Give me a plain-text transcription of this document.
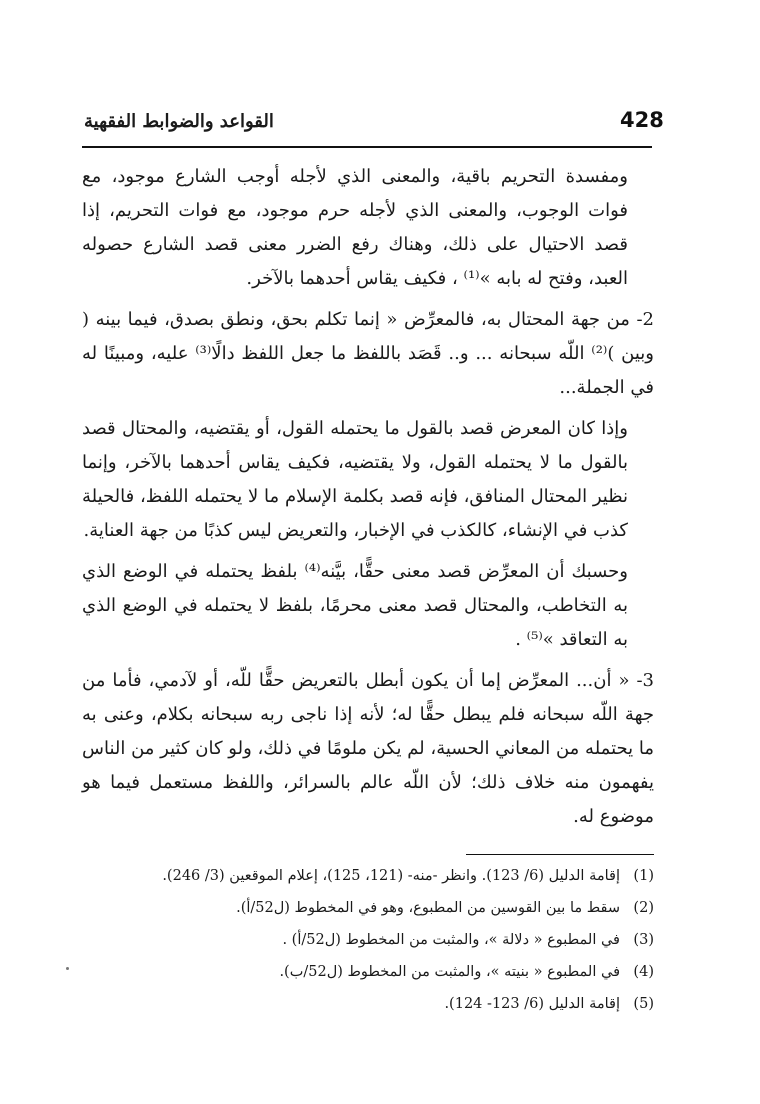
428
القواعد والضوابط الفقهية

ومفسدة التحريم باقية، والمعنى الذي لأجله أوجب الشارع موجود، مع فوات الوجوب، والمعنى الذي لأجله حرم موجود، مع فوات التحريم، إذا قصد الاحتيال على ذلك، وهناك رفع الضرر معنى قصد الشارع حصوله العبد، وفتح له بابه »⁽¹⁾ ، فكيف يقاس أحدهما بالآخر.

2- من جهة المحتال به، فالمعرِّض « إنما تكلم بحق، ونطق بصدق، فيما بينه ( وبين )⁽²⁾ اللّه سبحانه ... و.. قَصَد باللفظ ما جعل اللفظ دالًا⁽³⁾ عليه، ومبينًا له في الجملة...

وإذا كان المعرض قصد بالقول ما يحتمله القول، أو يقتضيه، والمحتال قصد بالقول ما لا يحتمله القول، ولا يقتضيه، فكيف يقاس أحدهما بالآخر، وإنما نظير المحتال المنافق، فإنه قصد بكلمة الإسلام ما لا يحتمله اللفظ، فالحيلة كذب في الإنشاء، كالكذب في الإخبار، والتعريض ليس كذبًا من جهة العناية.

وحسبك أن المعرِّض قصد معنى حقًّا، بيَّنه⁽⁴⁾ بلفظ يحتمله في الوضع الذي به التخاطب، والمحتال قصد معنى محرمًا، بلفظ لا يحتمله في الوضع الذي به التعاقد »⁽⁵⁾ .

3- « أن... المعرِّض إما أن يكون أبطل بالتعريض حقًّا للّه، أو لآدمي، فأما من جهة اللّه سبحانه فلم يبطل حقًّا له؛ لأنه إذا ناجى ربه سبحانه بكلام، وعنى به ما يحتمله من المعاني الحسية، لم يكن ملومًا في ذلك، ولو كان كثير من الناس يفهمون منه خلاف ذلك؛ لأن اللّه عالم بالسرائر، واللفظ مستعمل فيما هو موضوع له.

(1)إقامة الدليل (6/ 123). وانظر -منه- (121، 125)، إعلام الموقعين (3/ 246).
(2)سقط ما بين القوسين من المطبوع، وهو في المخطوط (ل52/أ).
(3)في المطبوع « دلالة »، والمثبت من المخطوط (ل52/أ) .
(4)في المطبوع « بنيته »، والمثبت من المخطوط (ل52/ب).
(5)إقامة الدليل (6/ 123- 124).
